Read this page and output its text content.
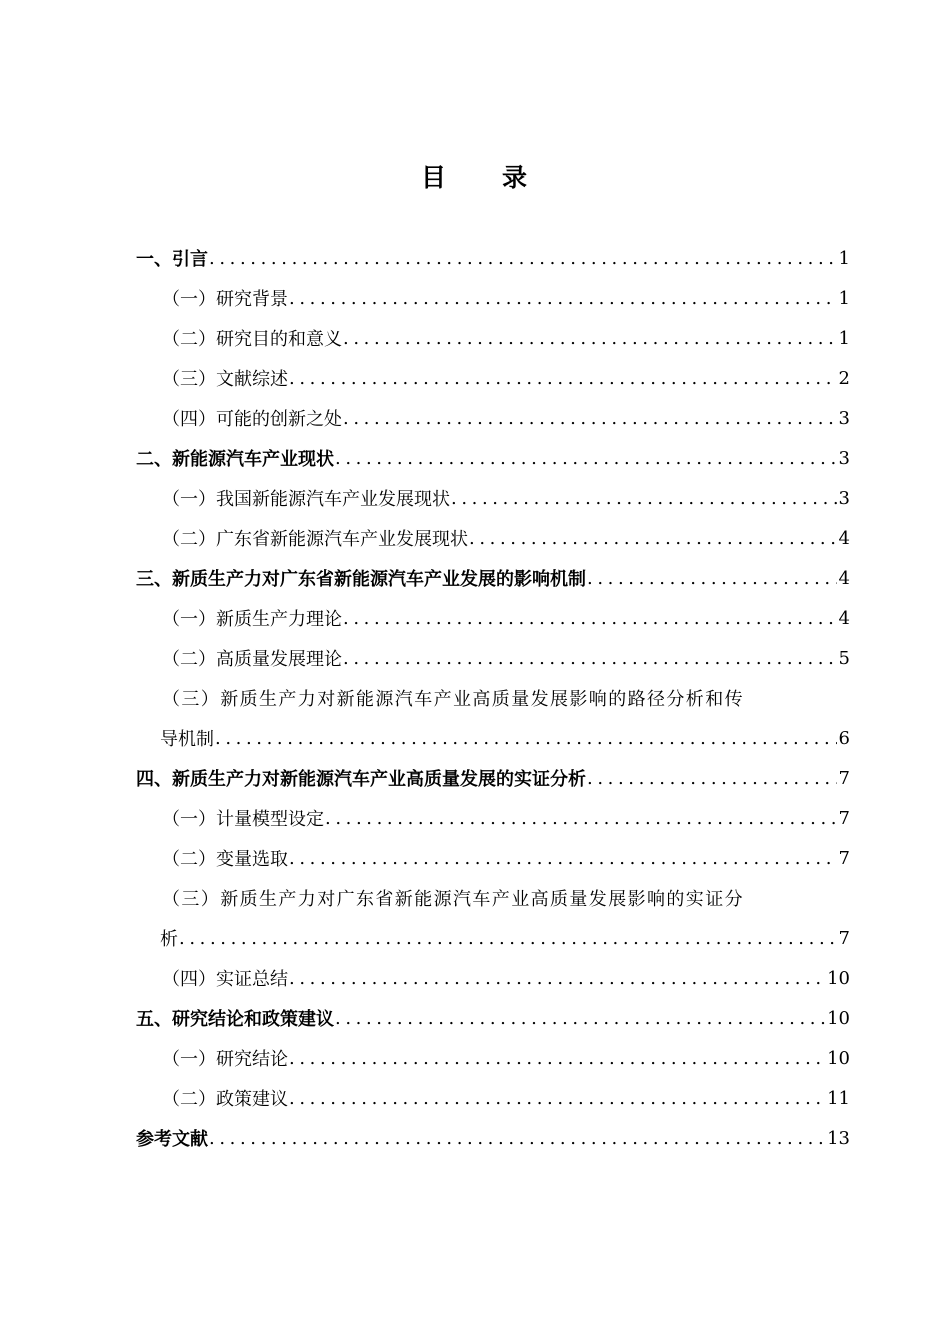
目　　录
一、引言 .....	1
（一）研究背景 .....	1
（二）研究目的和意义 .....	1
（三）文献综述 .....	2
（四）可能的创新之处 .....	3
二、新能源汽车产业现状 .....	3
（一）我国新能源汽车产业发展现状 .....	3
（二）广东省新能源汽车产业发展现状 .....	4
三、新质生产力对广东省新能源汽车产业发展的影响机制 .....	4
（一）新质生产力理论 .....	4
（二）高质量发展理论 .....	5
（三）新质生产力对新能源汽车产业高质量发展影响的路径分析和传
导机制 .....	6
四、新质生产力对新能源汽车产业高质量发展的实证分析 .....	7
（一）计量模型设定 .....	7
（二）变量选取 .....	7
（三）新质生产力对广东省新能源汽车产业高质量发展影响的实证分
析 .....	7
（四）实证总结 .....	10
五、研究结论和政策建议 .....	10
（一）研究结论 .....	10
（二）政策建议 .....	11
参考文献 .....	13
